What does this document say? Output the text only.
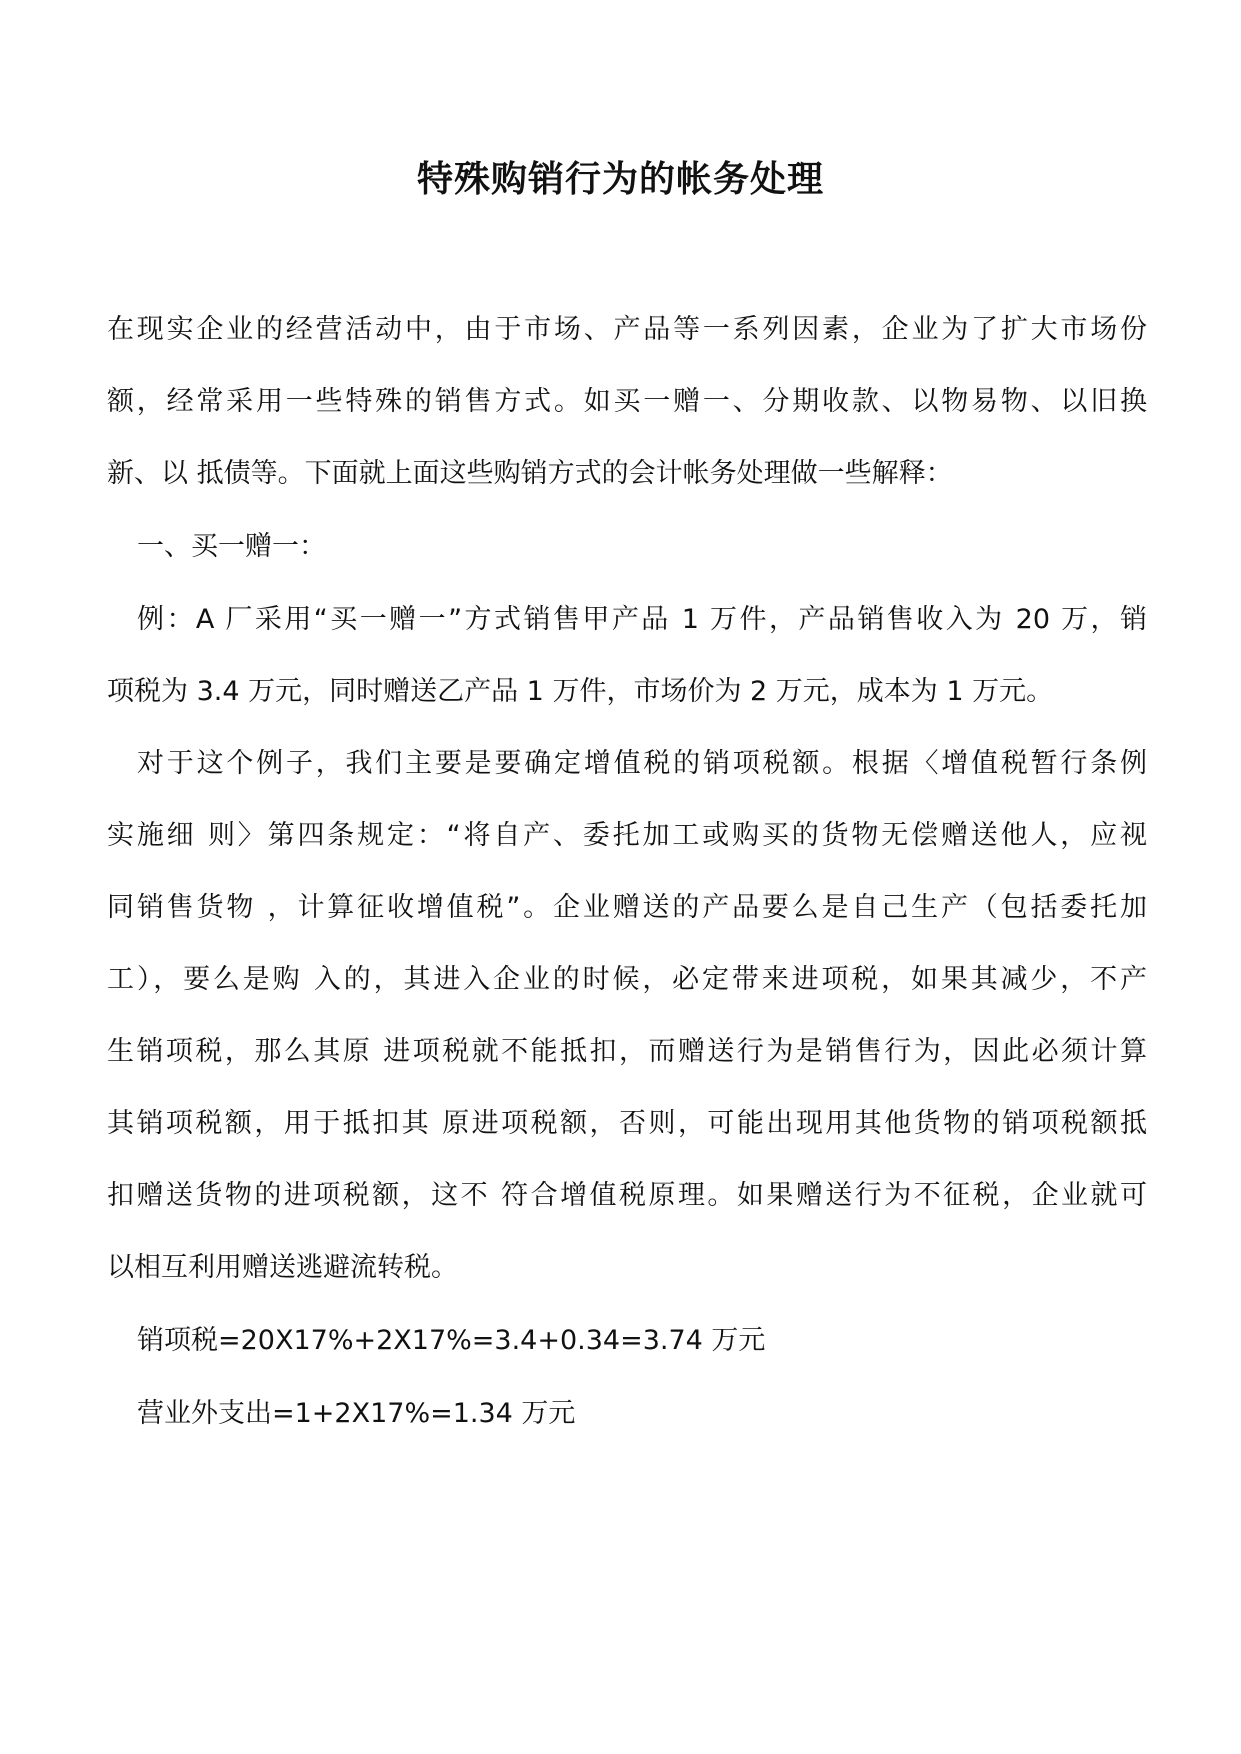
特殊购销行为的帐务处理
在现实企业的经营活动中，由于市场、产品等一系列因素，企业为了扩大市场份
额，经常采用一些特殊的销售方式。如买一赠一、分期收款、以物易物、以旧换
新、以 抵债等。下面就上面这些购销方式的会计帐务处理做一些解释：
一、买一赠一：
例：A 厂采用“买一赠一”方式销售甲产品 1 万件，产品销售收入为 20 万，销
项税为 3.4 万元，同时赠送乙产品 1 万件，市场价为 2 万元，成本为 1 万元。
对于这个例子，我们主要是要确定增值税的销项税额。根据〈增值税暂行条例
实施细 则〉第四条规定：“将自产、委托加工或购买的货物无偿赠送他人，应视
同销售货物 ，计算征收增值税”。企业赠送的产品要么是自己生产（包括委托加
工），要么是购 入的，其进入企业的时候，必定带来进项税，如果其减少，不产
生销项税，那么其原 进项税就不能抵扣，而赠送行为是销售行为，因此必须计算
其销项税额，用于抵扣其 原进项税额，否则，可能出现用其他货物的销项税额抵
扣赠送货物的进项税额，这不 符合增值税原理。如果赠送行为不征税，企业就可
以相互利用赠送逃避流转税。
销项税=20X17%+2X17%=3.4+0.34=3.74 万元
营业外支出=1+2X17%=1.34 万元
